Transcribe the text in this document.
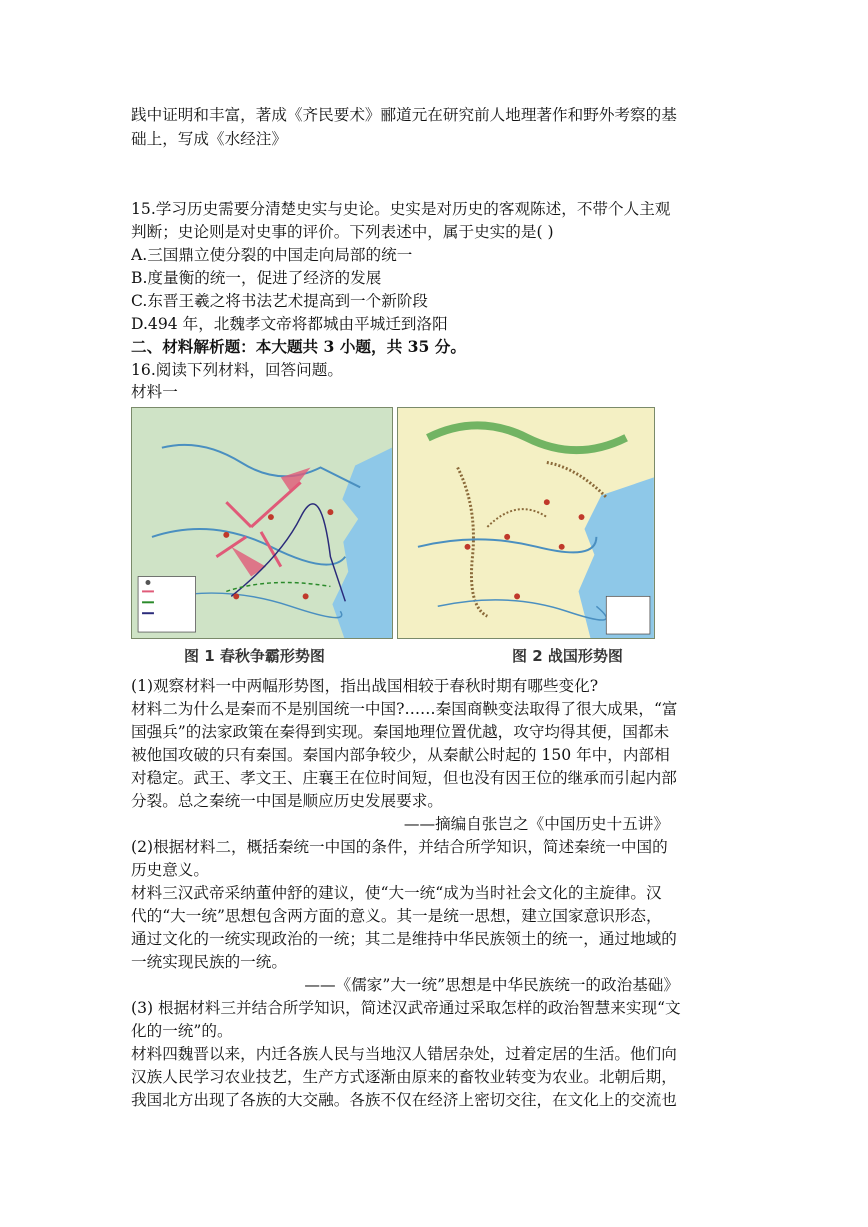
践中证明和丰富，著成《齐民要术》郦道元在研究前人地理著作和野外考察的基
础上，写成《水经注》
15.学习历史需要分清楚史实与史论。史实是对历史的客观陈述，不带个人主观
判断；史论则是对史事的评价。下列表述中，属于史实的是( )
A.三国鼎立使分裂的中国走向局部的统一
B.度量衡的统一，促进了经济的发展
C.东晋王羲之将书法艺术提高到一个新阶段
D.494 年，北魏孝文帝将都城由平城迁到洛阳
二、材料解析题：本大题共 3 小题，共 35 分。
16.阅读下列材料，回答问题。
材料一
图 1 春秋争霸形势图	图 2 战国形势图
(1)观察材料一中两幅形势图，指出战国相较于春秋时期有哪些变化?
材料二为什么是秦而不是别国统一中国?……秦国商鞅变法取得了很大成果，“富
国强兵”的法家政策在秦得到实现。秦国地理位置优越，攻守均得其便，国都未
被他国攻破的只有秦国。秦国内部争较少，从秦献公时起的 150 年中，内部相
对稳定。武王、孝文王、庄襄王在位时间短，但也没有因王位的继承而引起内部
分裂。总之秦统一中国是顺应历史发展要求。
——摘编自张岂之《中国历史十五讲》
(2)根据材料二，概括秦统一中国的条件，并结合所学知识，简述秦统一中国的
历史意义。
材料三汉武帝采纳董仲舒的建议，使“大一统“成为当时社会文化的主旋律。汉
代的“大一统”思想包含两方面的意义。其一是统一思想，建立国家意识形态，
通过文化的一统实现政治的一统；其二是维持中华民族领土的统一，通过地域的
一统实现民族的一统。
——《儒家”大一统”思想是中华民族统一的政治基础》
(3) 根据材料三并结合所学知识，简述汉武帝通过采取怎样的政治智慧来实现“文
化的一统”的。
材料四魏晋以来，内迁各族人民与当地汉人错居杂处，过着定居的生活。他们向
汉族人民学习农业技艺，生产方式逐渐由原来的畜牧业转变为农业。北朝后期，
我国北方出现了各族的大交融。各族不仅在经济上密切交往，在文化上的交流也
